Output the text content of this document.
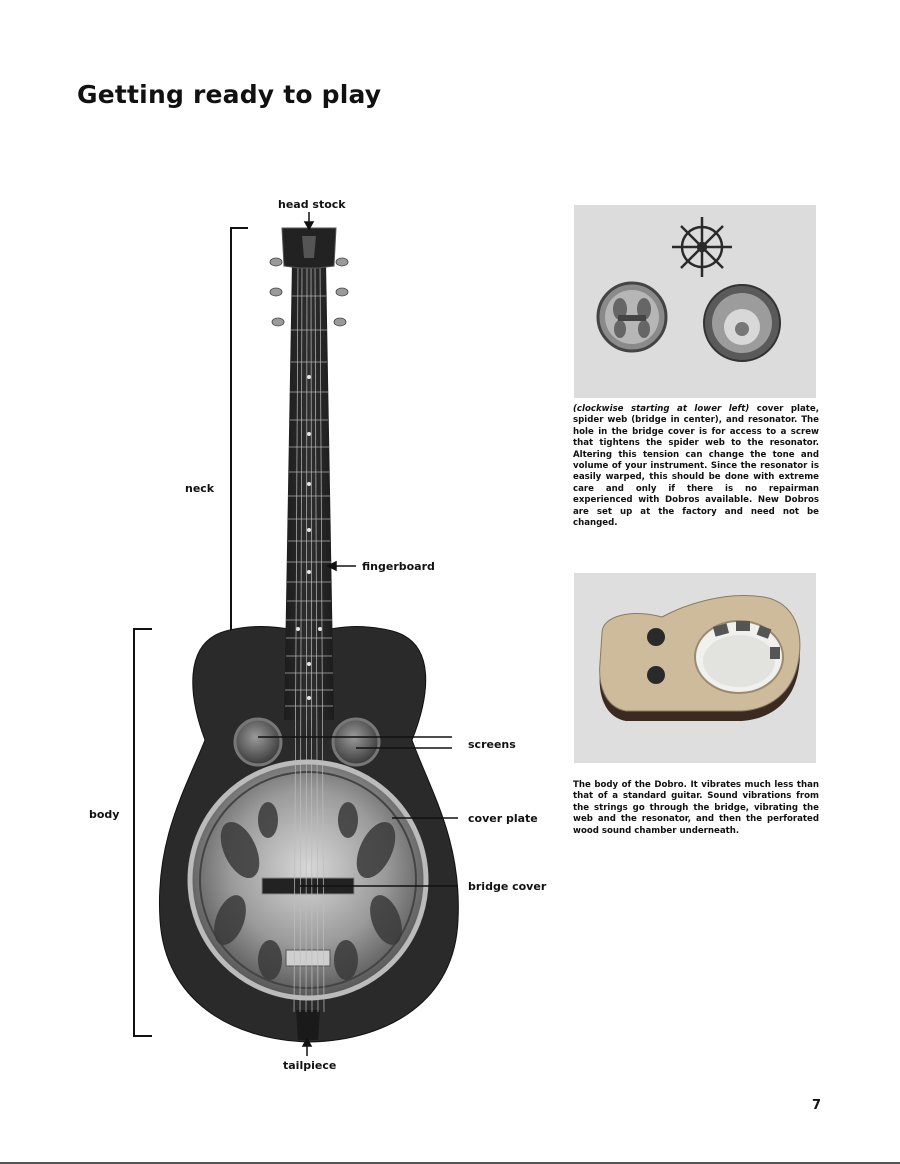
Getting ready to play
head stock
neck
fingerboard
body
screens
cover plate
bridge cover
tailpiece
(clockwise starting at lower left) cover plate, spider web (bridge in center), and resonator. The hole in the bridge cover is for access to a screw that tightens the spider web to the resonator. Altering this tension can change the tone and volume of your instrument. Since the resonator is easily warped, this should be done with extreme care and only if there is no repairman experienced with Dobros available. New Dobros are set up at the factory and need not be changed.
The body of the Dobro. It vibrates much less than that of a standard guitar. Sound vibrations from the strings go through the bridge, vibrating the web and the resonator, and then the perforated wood sound chamber underneath.
7
